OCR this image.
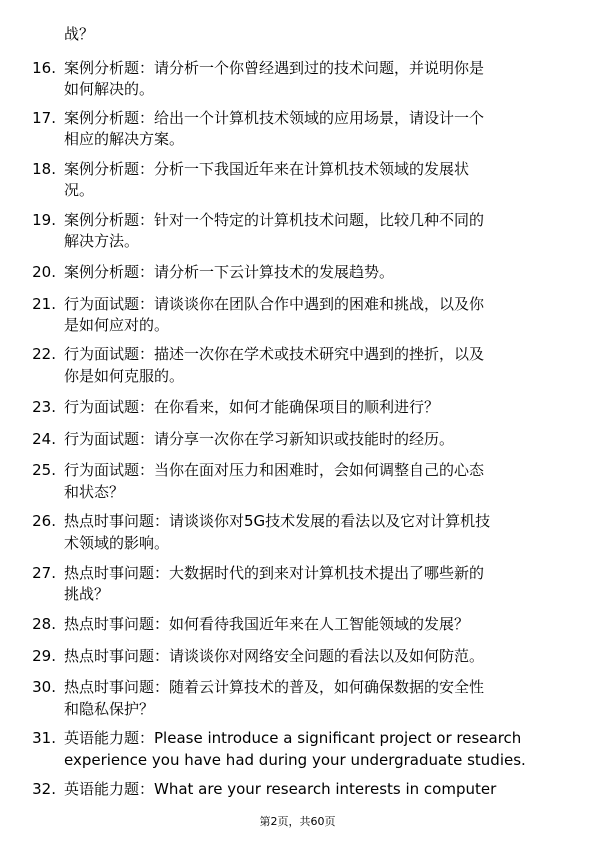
战？
16. 案例分析题：请分析一个你曾经遇到过的技术问题，并说明你是
如何解决的。
17. 案例分析题：给出一个计算机技术领域的应用场景，请设计一个
相应的解决方案。
18. 案例分析题：分析一下我国近年来在计算机技术领域的发展状
况。
19. 案例分析题：针对一个特定的计算机技术问题，比较几种不同的
解决方法。
20. 案例分析题：请分析一下云计算技术的发展趋势。
21. 行为面试题：请谈谈你在团队合作中遇到的困难和挑战，以及你
是如何应对的。
22. 行为面试题：描述一次你在学术或技术研究中遇到的挫折，以及
你是如何克服的。
23. 行为面试题：在你看来，如何才能确保项目的顺利进行？
24. 行为面试题：请分享一次你在学习新知识或技能时的经历。
25. 行为面试题：当你在面对压力和困难时，会如何调整自己的心态
和状态？
26. 热点时事问题：请谈谈你对5G技术发展的看法以及它对计算机技
术领域的影响。
27. 热点时事问题：大数据时代的到来对计算机技术提出了哪些新的
挑战？
28. 热点时事问题：如何看待我国近年来在人工智能领域的发展？
29. 热点时事问题：请谈谈你对网络安全问题的看法以及如何防范。
30. 热点时事问题：随着云计算技术的普及，如何确保数据的安全性
和隐私保护？
31. 英语能力题：Please introduce a significant project or research
experience you have had during your undergraduate studies.
32. 英语能力题：What are your research interests in computer
第2页，共60页
